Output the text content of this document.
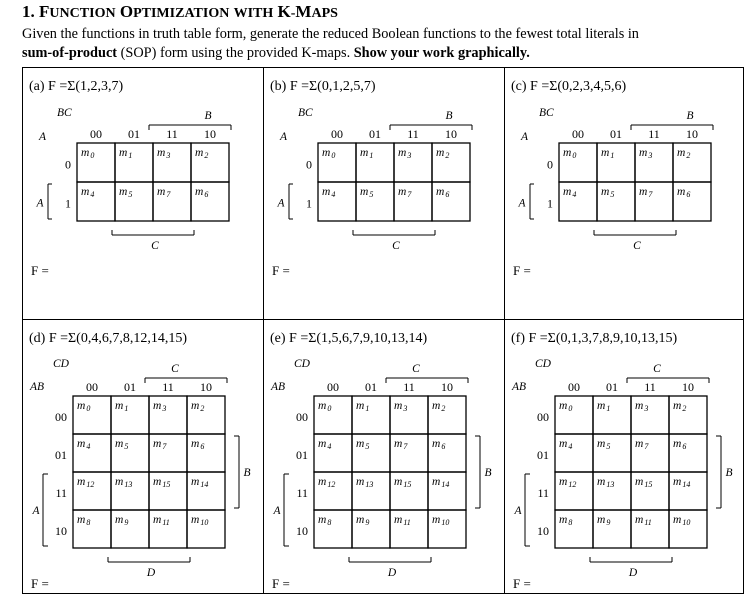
1. FUNCTION OPTIMIZATION WITH K-MAPS
Given the functions in truth table form, generate the reduced Boolean functions to the fewest total literals in
sum-of-product (SOP) form using the provided K-maps. Show your work graphically.
(a) F =Σ(1,2,3,7)
BC
A
B
00 01 11 10
m0 m1 m3 m2
0
m4 m5 m7 m6
1
C
A
F =
(b) F =Σ(0,1,2,5,7)
BC
A
B
00 01 11 10
m0 m1 m3 m2
0
m4 m5 m7 m6
1
C
A
F =
(c) F =Σ(0,2,3,4,5,6)
BC
A
B
00 01 11 10
m0 m1 m3 m2
0
m4 m5 m7 m6
1
C
A
F =
(d) F =Σ(0,4,6,7,8,12,14,15)
CD
AB
C
00 01 11 10
m0 m1 m3 m2
00
m4 m5 m7 m6
01
m12 m13 m15 m14
11
m8 m9 m11 m10
10
D
A
B
F =
(e) F =Σ(1,5,6,7,9,10,13,14)
CD
AB
C
00 01 11 10
m0 m1 m3 m2
00
m4 m5 m7 m6
01
m12 m13 m15 m14
11
m8 m9 m11 m10
10
D
A
B
F =
(f) F =Σ(0,1,3,7,8,9,10,13,15)
CD
AB
C
00 01 11 10
m0 m1 m3 m2
00
m4 m5 m7 m6
01
m12 m13 m15 m14
11
m8 m9 m11 m10
10
D
A
B
F =
